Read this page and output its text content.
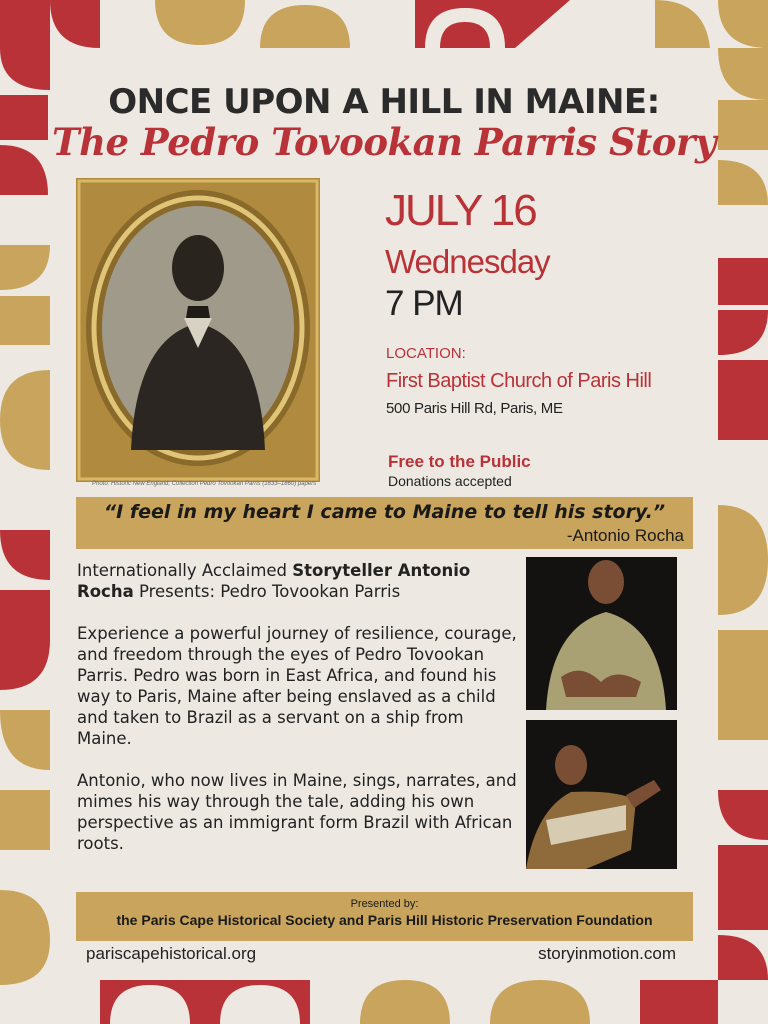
ONCE UPON A HILL IN MAINE:
The Pedro Tovookan Parris Story
Photo: Historic New England, Collection Pedro Tovookan Parris (1833–1860) papers
JULY 16
Wednesday
7 PM
LOCATION:
First Baptist Church of Paris Hill
500 Paris Hill Rd, Paris, ME
Free to the Public
Donations accepted
“I feel in my heart I came to Maine to tell his story.”
-Antonio Rocha

Internationally Acclaimed Storyteller Antonio Rocha Presents: Pedro Tovookan Parris

Experience a powerful journey of resilience, courage, and freedom through the eyes of Pedro Tovookan Parris. Pedro was born in East Africa, and found his way to Paris, Maine after being enslaved as a child and taken to Brazil as a servant on a ship from Maine.

Antonio, who now lives in Maine, sings, narrates, and mimes his way through the tale, adding his own perspective as an immigrant form Brazil with African roots.

Presented by:
the Paris Cape Historical Society and Paris Hill Historic Preservation Foundation
pariscapehistorical.org	storyinmotion.com
